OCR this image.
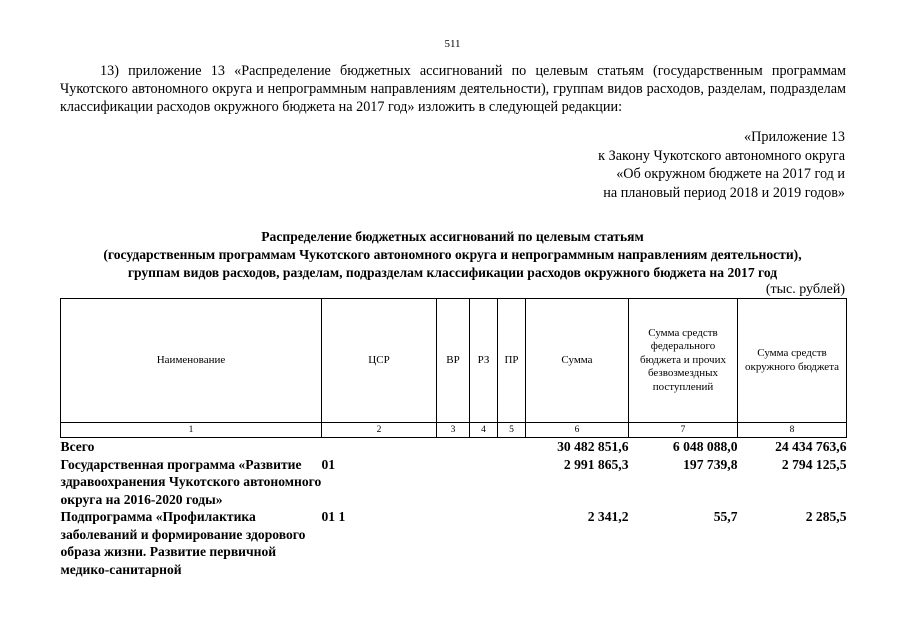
511
13) приложение 13 «Распределение бюджетных ассигнований по целевым статьям (государственным программам Чукотского автономного округа и непрограммным направлениям деятельности), группам видов расходов, разделам, подразделам классификации расходов окружного бюджета на 2017 год» изложить в следующей редакции:
«Приложение 13
к Закону Чукотского автономного округа
«Об окружном бюджете на 2017 год и
на плановый период 2018 и 2019 годов»
Распределение бюджетных ассигнований по целевым статьям
(государственным программам Чукотского автономного округа и непрограммным направлениям деятельности),
группам видов расходов, разделам, подразделам классификации расходов окружного бюджета на 2017 год
(тыс. рублей)
Наименование	ЦСР	ВР	РЗ	ПР	Сумма	Сумма средств федерального бюджета и прочих безвозмездных поступлений	Сумма средств окружного бюджета
1	2	3	4	5	6	7	8
Всего					30 482 851,6	6 048 088,0	24 434 763,6
Государственная программа «Развитие здравоохранения Чукотского автономного округа на 2016-2020 годы»	01				2 991 865,3	197 739,8	2 794 125,5
Подпрограмма «Профилактика заболеваний и формирование здорового образа жизни. Развитие первичной медико-санитарной	01 1				2 341,2	55,7	2 285,5
